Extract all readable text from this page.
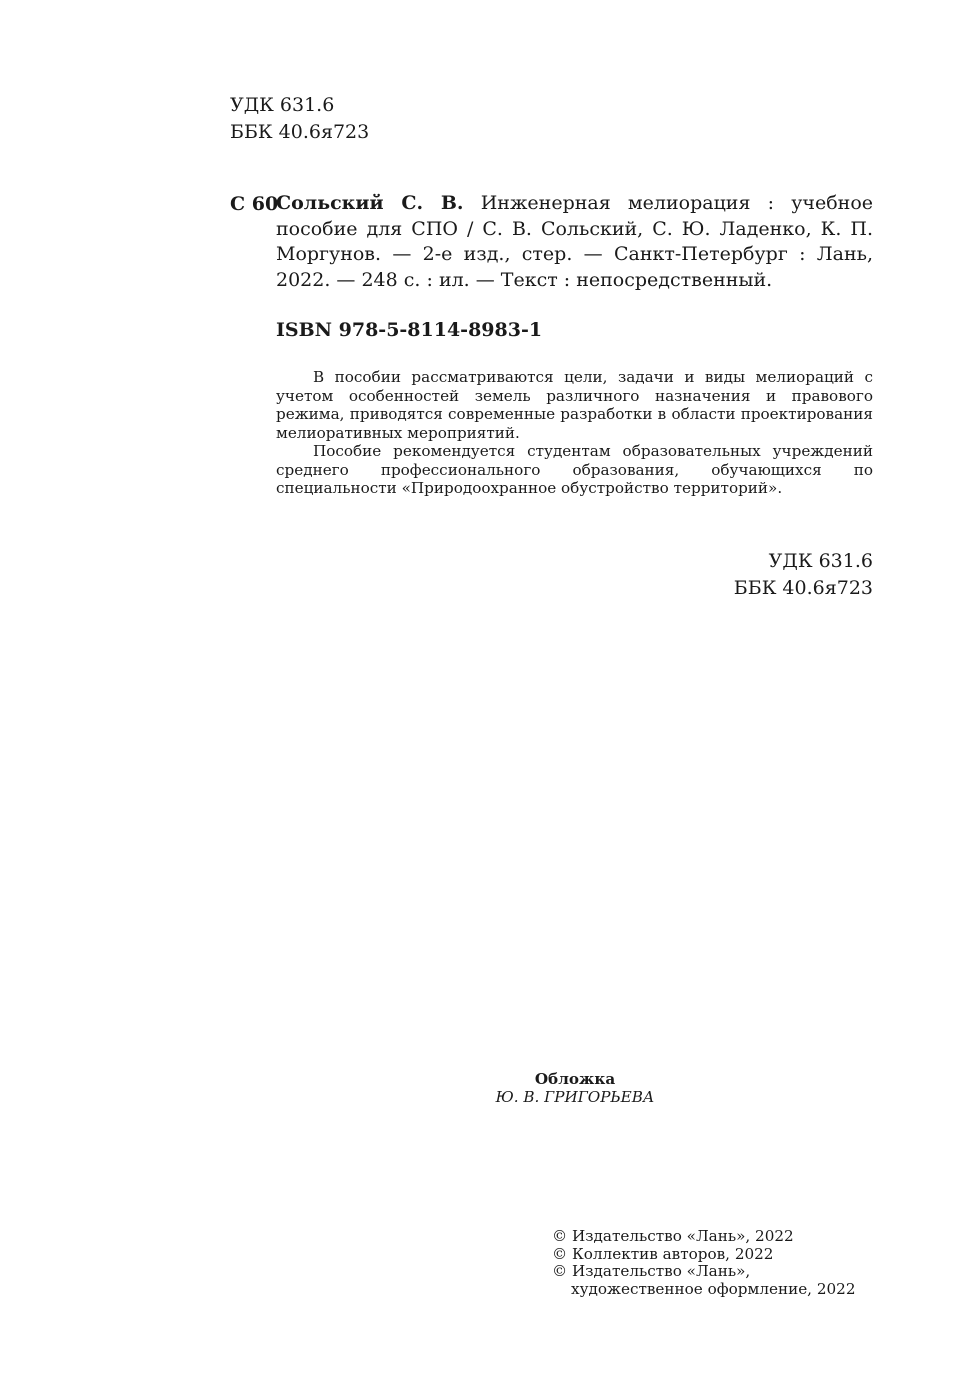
УДК 631.6
ББК 40.6я723
С 60
Сольский С. В. Инженерная мелиорация : учебное пособие для СПО / С. В. Сольский, С. Ю. Ладенко, К. П. Моргунов. — 2-е изд., стер. — Санкт-Петербург : Лань, 2022. — 248 с. : ил. — Текст : непосредственный.
ISBN 978-5-8114-8983-1

В пособии рассматриваются цели, задачи и виды мелиораций с учетом особенностей земель различного назначения и правового режима, приводятся современные разработки в области проектирования мелиоративных мероприятий.

Пособие рекомендуется студентам образовательных учреждений среднего профессионального образования, обучающихся по специальности «Природоохранное обустройство территорий».

УДК 631.6
ББК 40.6я723
Обложка
Ю. В. ГРИГОРЬЕВА
© Издательство «Лань», 2022
© Коллектив авторов, 2022
© Издательство «Лань»,
художественное оформление, 2022
